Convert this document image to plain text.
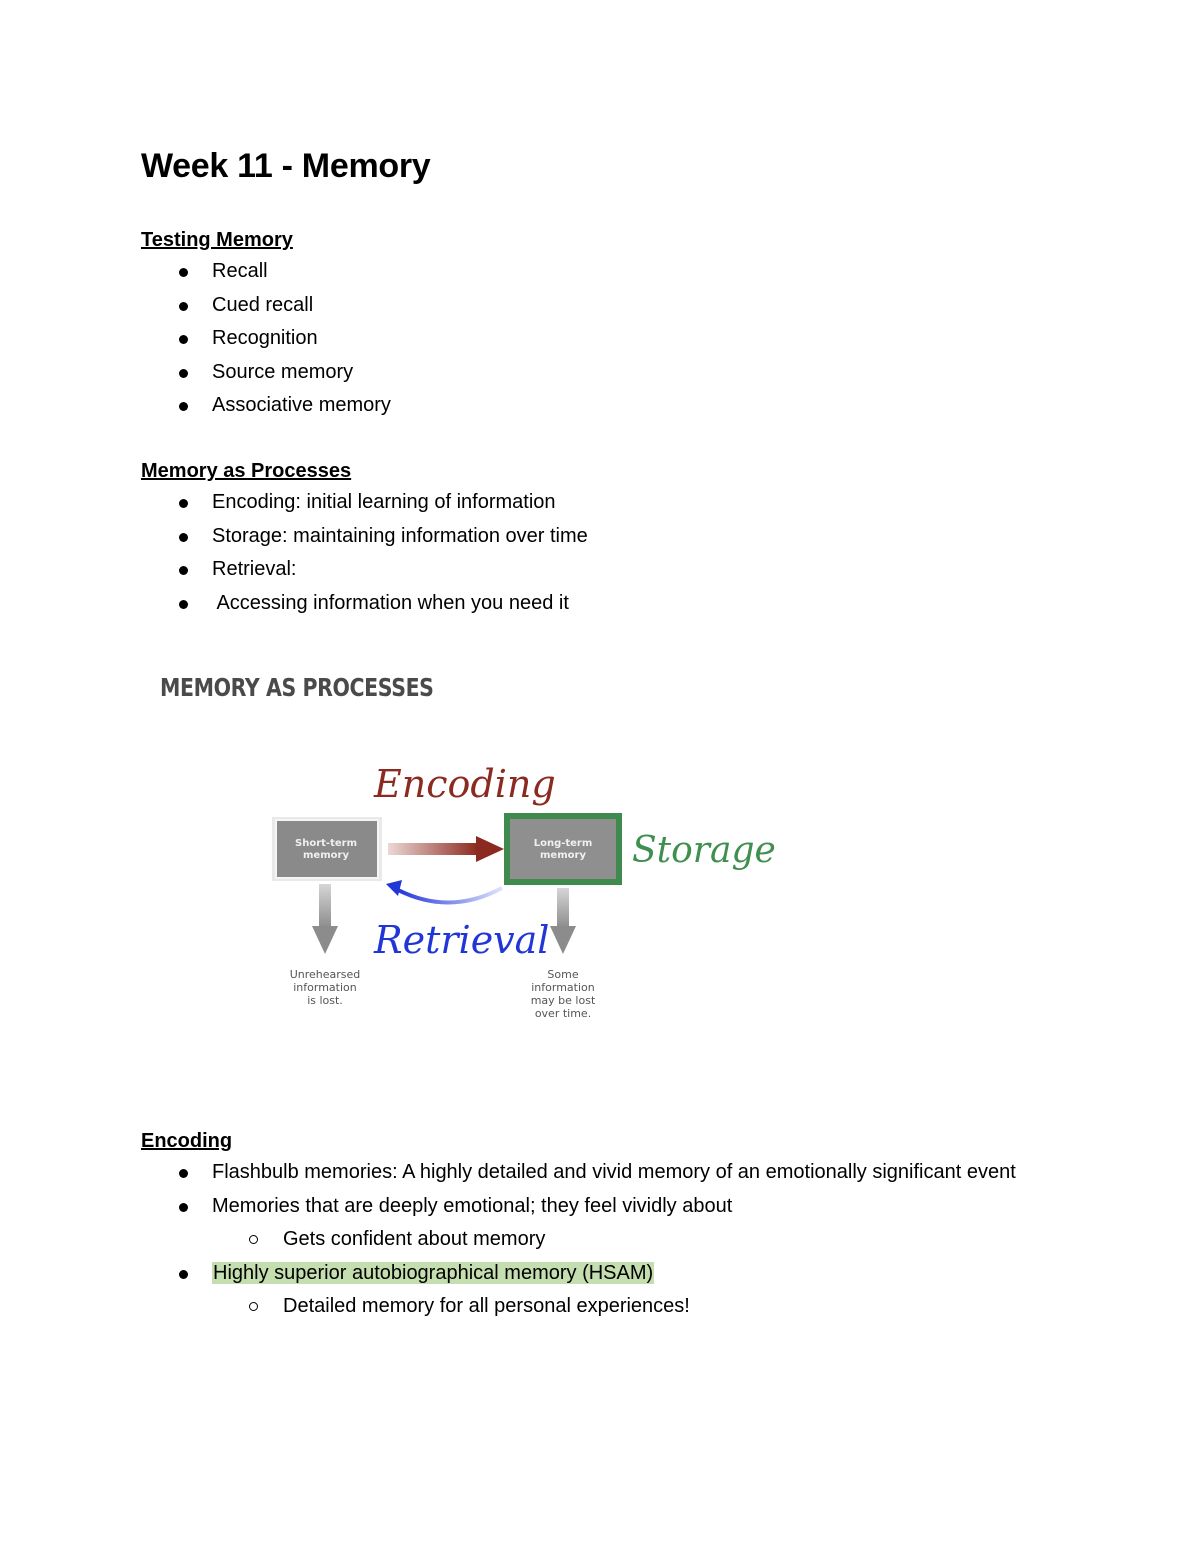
Week 11 - Memory
Testing Memory
Recall
Cued recall
Recognition
Source memory
Associative memory
Memory as Processes
Encoding: initial learning of information
Storage: maintaining information over time
Retrieval:
Accessing information when you need it
MEMORY AS PROCESSES
Encoding
Short-term
memory
Long-term
memory Storage
Retrieval
Unrehearsed
information
is lost.
Some
information
may be lost
over time.
Encoding
Flashbulb memories: A highly detailed and vivid memory of an emotionally significant event
Memories that are deeply emotional; they feel vividly about
Gets confident about memory
Highly superior autobiographical memory (HSAM)
Detailed memory for all personal experiences!
